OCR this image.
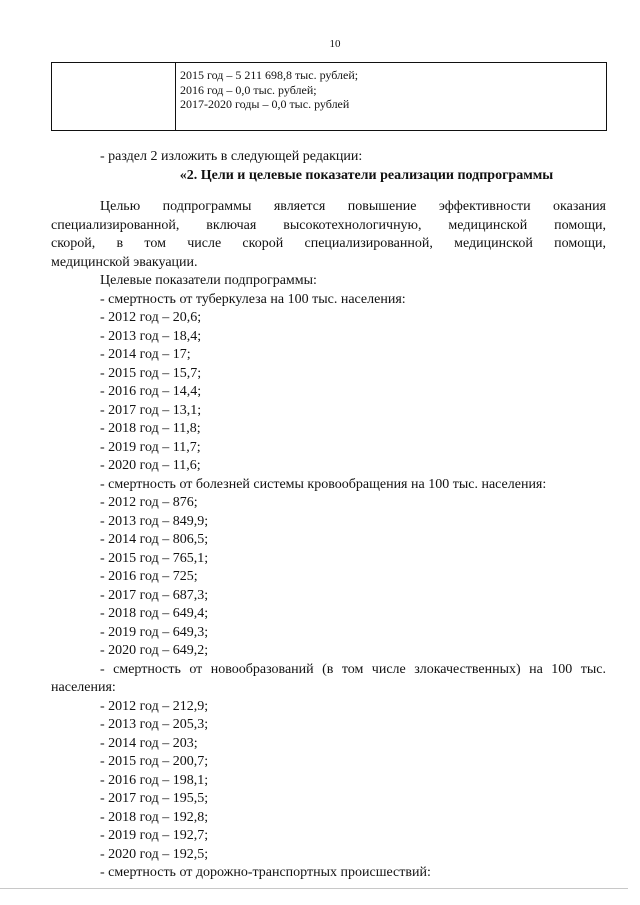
10
2015 год – 5 211 698,8 тыс. рублей;
2016 год – 0,0 тыс. рублей;
2017-2020 годы – 0,0 тыс. рублей
- раздел 2 изложить в следующей редакции:
«2. Цели и целевые показатели реализации подпрограммы
Целью подпрограммы является повышение эффективности оказания
специализированной, включая высокотехнологичную, медицинской помощи,
скорой, в том числе скорой специализированной, медицинской помощи,
медицинской эвакуации.
Целевые показатели подпрограммы:
- смертность от туберкулеза на 100 тыс. населения:
- 2012 год – 20,6;
- 2013 год – 18,4;
- 2014 год – 17;
- 2015 год – 15,7;
- 2016 год – 14,4;
- 2017 год – 13,1;
- 2018 год – 11,8;
- 2019 год – 11,7;
- 2020 год – 11,6;
- смертность от болезней системы кровообращения на 100 тыс. населения:
- 2012 год – 876;
- 2013 год – 849,9;
- 2014 год – 806,5;
- 2015 год – 765,1;
- 2016 год – 725;
- 2017 год – 687,3;
- 2018 год – 649,4;
- 2019 год – 649,3;
- 2020 год – 649,2;
- смертность от новообразований (в том числе злокачественных) на 100 тыс.
населения:
- 2012 год – 212,9;
- 2013 год – 205,3;
- 2014 год – 203;
- 2015 год – 200,7;
- 2016 год – 198,1;
- 2017 год – 195,5;
- 2018 год – 192,8;
- 2019 год – 192,7;
- 2020 год – 192,5;
- смертность от дорожно-транспортных происшествий:
